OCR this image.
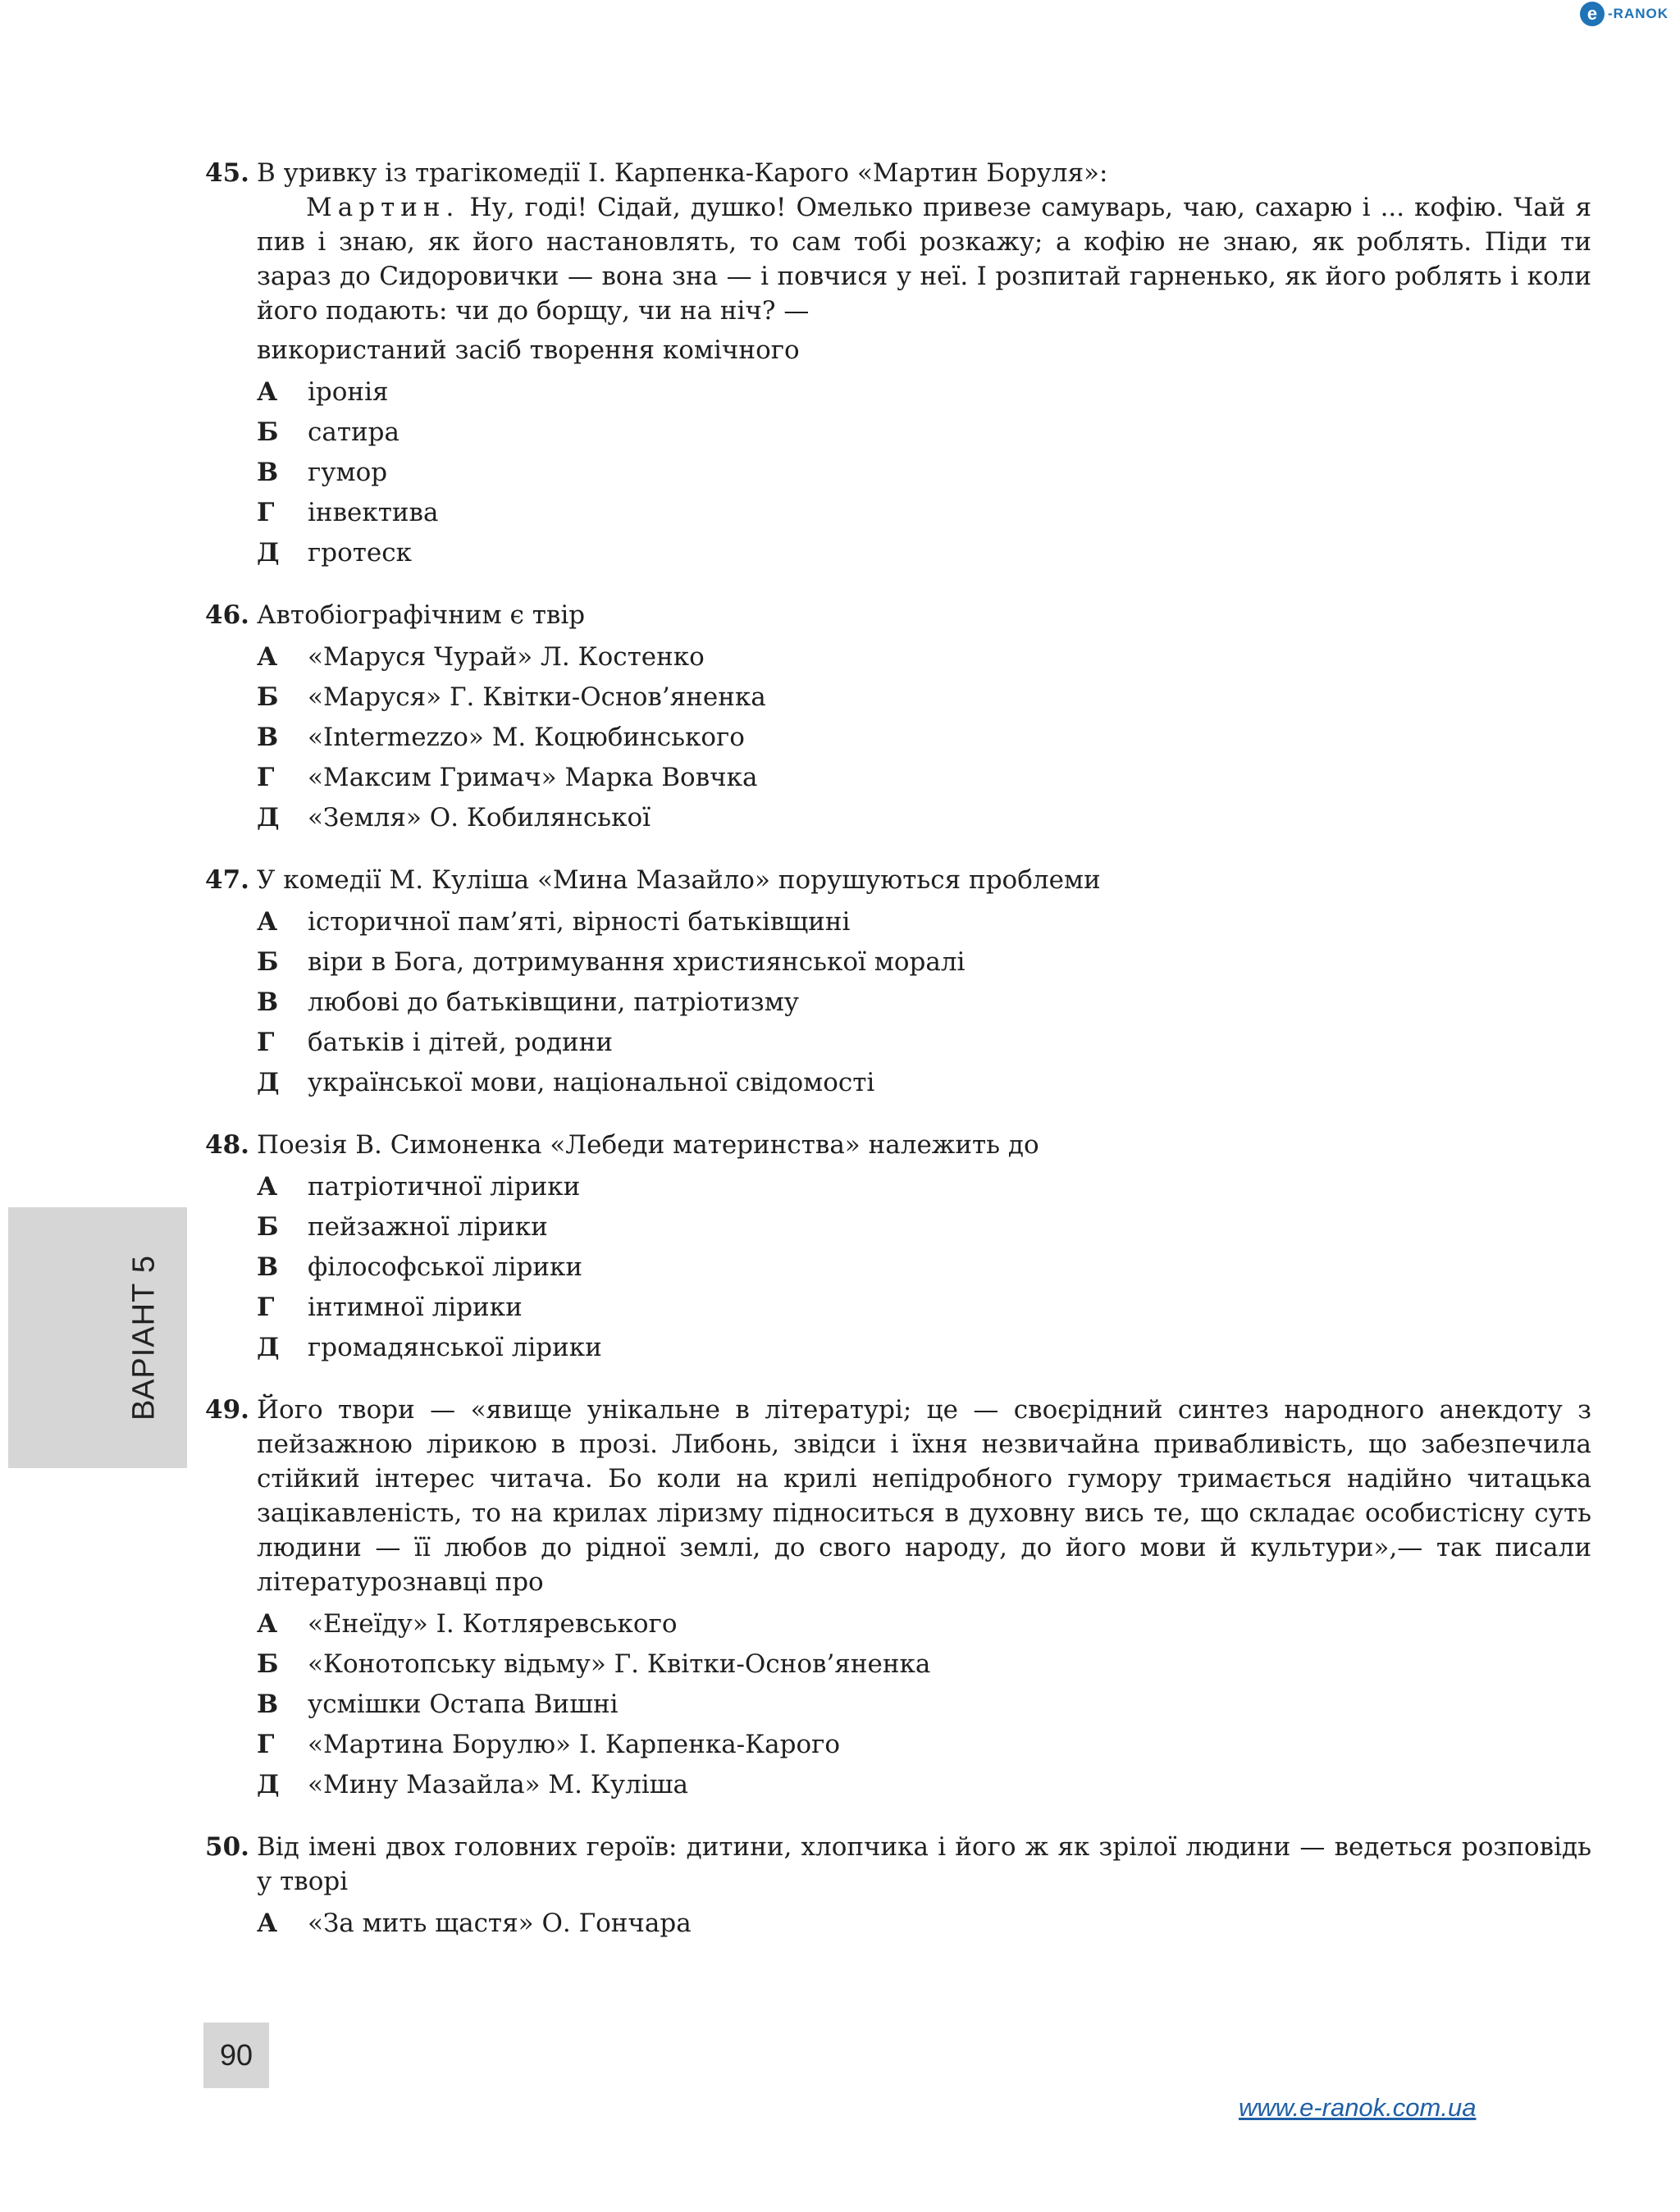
e -RANOK
45. В уривку із трагікомедії І. Карпенка-Карого «Мартин Боруля»:
Мартин. Ну, годі! Сідай, душко! Омелько привезе самуварь, чаю, сахарю і ... кофію. Чай я пив і знаю, як його настановлять, то сам тобі розкажу; а кофію не знаю, як роблять. Піди ти зараз до Сидоровички — вона зна — і повчися у неї. І розпитай гарненько, як його роблять і коли його подають: чи до борщу, чи на ніч? —
використаний засіб творення комічного
А	іронія
Б	сатира
В	гумор
Г	інвектива
Д	гротеск
46. Автобіографічним є твір
А	«Маруся Чурай» Л. Костенко
Б	«Маруся» Г. Квітки-Основ’яненка
В	«Intermezzo» М. Коцюбинського
Г	«Максим Гримач» Марка Вовчка
Д	«Земля» О. Кобилянської
47. У комедії М. Куліша «Мина Мазайло» порушуються проблеми
А	історичної пам’яті, вірності батьківщині
Б	віри в Бога, дотримування християнської моралі
В	любові до батьківщини, патріотизму
Г	батьків і дітей, родини
Д	української мови, національної свідомості
48. Поезія В. Симоненка «Лебеди материнства» належить до
А	патріотичної лірики
Б	пейзажної лірики
В	філософської лірики
Г	інтимної лірики
Д	громадянської лірики
49. Його твори — «явище унікальне в літературі; це — своєрідний синтез народного анекдоту з пейзажною лірикою в прозі. Либонь, звідси і їхня незвичайна привабливість, що забезпечила стійкий інтерес читача. Бо коли на крилі непідробного гумору тримається надійно читацька зацікавленість, то на крилах ліризму підноситься в духовну вись те, що складає особистісну суть людини — її любов до рідної землі, до свого народу, до його мови й культури»,— так писали літературознавці про
А	«Енеїду» І. Котляревського
Б	«Конотопську відьму» Г. Квітки-Основ’яненка
В	усмішки Остапа Вишні
Г	«Мартина Борулю» І. Карпенка-Карого
Д	«Мину Мазайла» М. Куліша
50. Від імені двох головних героїв: дитини, хлопчика і його ж як зрілої людини — ведеться розповідь у творі
А	«За мить щастя» О. Гончара
ВАРІАНТ 5
90
www.e-ranok.com.ua
